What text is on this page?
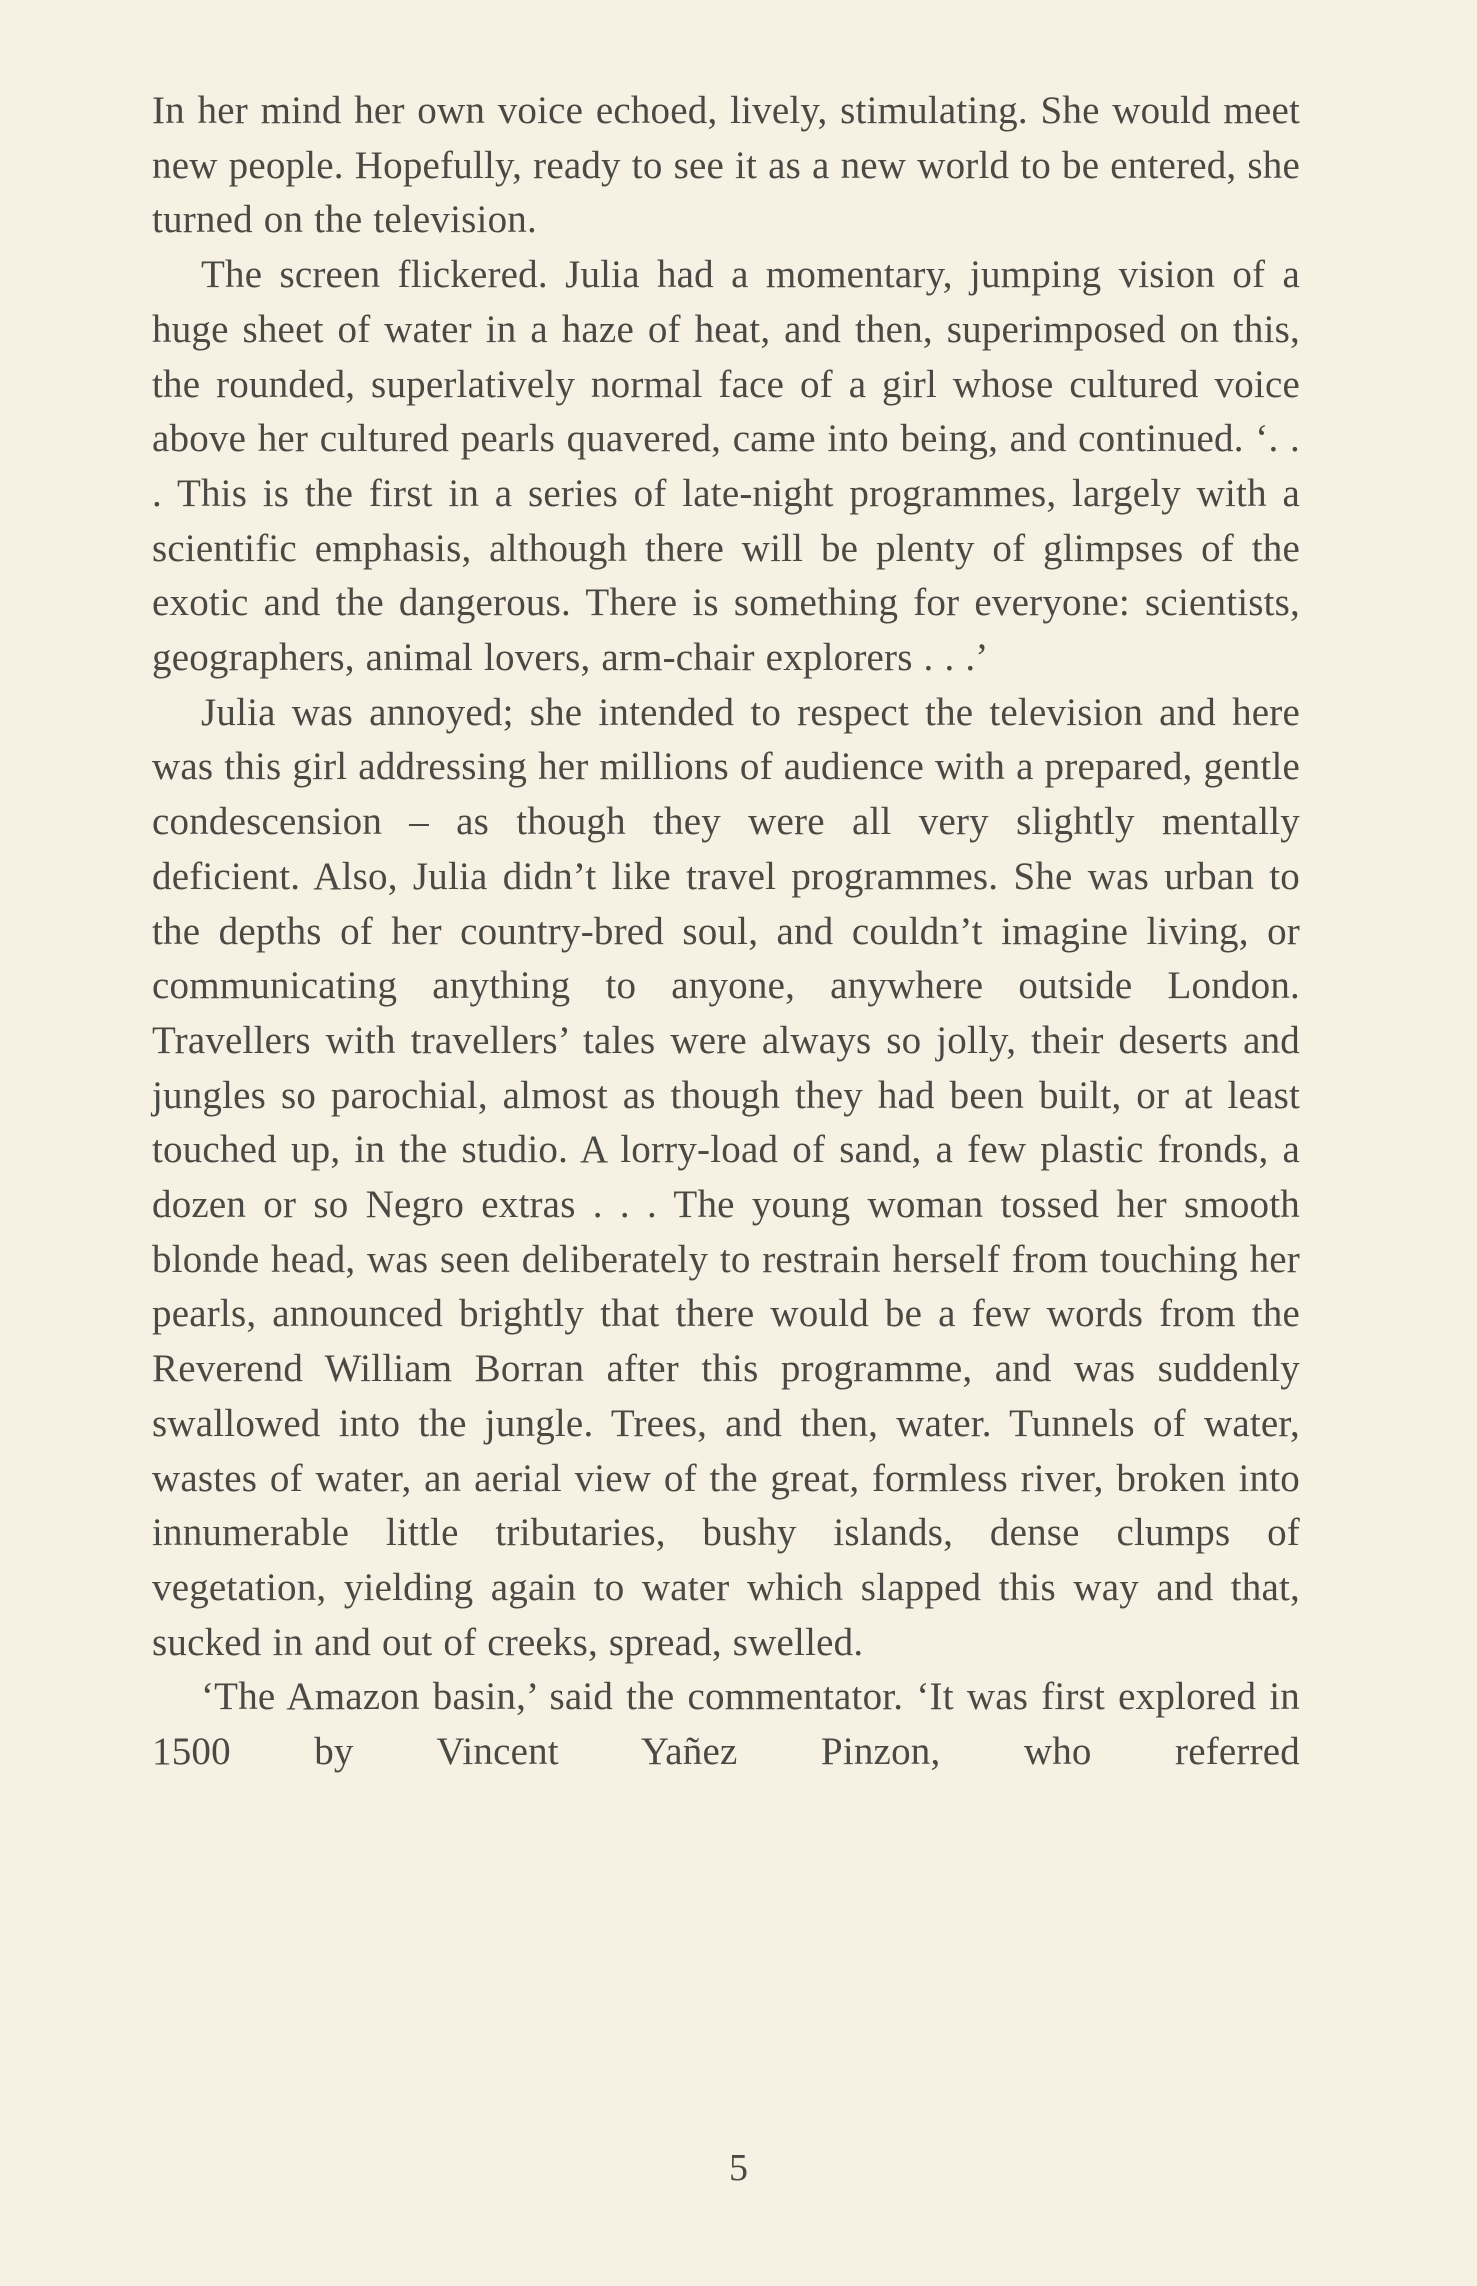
In her mind her own voice echoed, lively, stimulating. She would meet new people. Hopefully, ready to see it as a new world to be entered, she turned on the television.

The screen flickered. Julia had a momentary, jumping vision of a huge sheet of water in a haze of heat, and then, superimposed on this, the rounded, superlatively normal face of a girl whose cultured voice above her cultured pearls quavered, came into being, and continued. ‘. . . This is the first in a series of late-night programmes, largely with a scientific emphasis, although there will be plenty of glimpses of the exotic and the dangerous. There is something for everyone: scientists, geographers, animal lovers, arm-chair explorers . . .’

Julia was annoyed; she intended to respect the television and here was this girl addressing her millions of audience with a prepared, gentle condescension – as though they were all very slightly mentally deficient. Also, Julia didn’t like travel programmes. She was urban to the depths of her country-bred soul, and couldn’t imagine living, or communicating anything to anyone, anywhere outside London. Travellers with travellers’ tales were always so jolly, their deserts and jungles so parochial, almost as though they had been built, or at least touched up, in the studio. A lorry-load of sand, a few plastic fronds, a dozen or so Negro extras . . . The young woman tossed her smooth blonde head, was seen deliberately to restrain herself from touching her pearls, announced brightly that there would be a few words from the Reverend William Borran after this programme, and was suddenly swallowed into the jungle. Trees, and then, water. Tunnels of water, wastes of water, an aerial view of the great, formless river, broken into innumerable little tributaries, bushy islands, dense clumps of vegetation, yielding again to water which slapped this way and that, sucked in and out of creeks, spread, swelled.

‘The Amazon basin,’ said the commentator. ‘It was first explored in 1500 by Vincent Yañez Pinzon, who referred

5
